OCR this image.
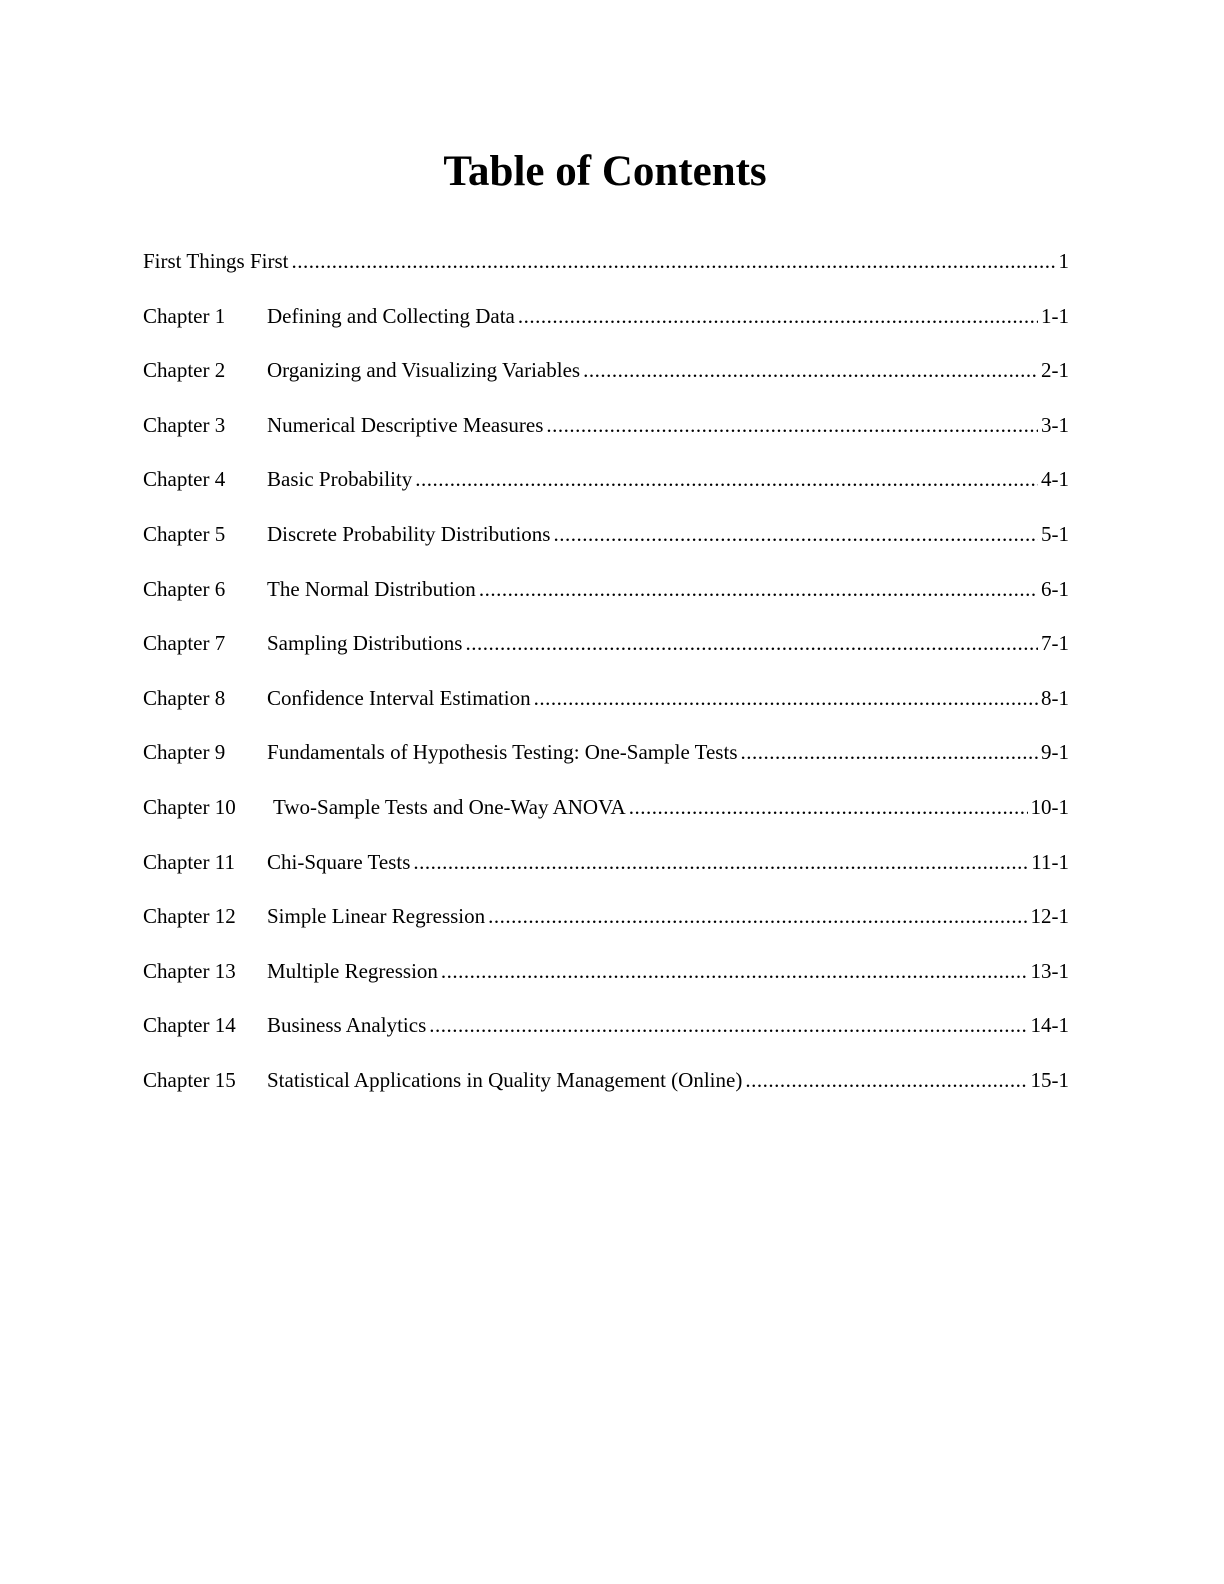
Table of Contents
First Things First .....	1
Chapter 1	Defining and Collecting Data .....	1-1
Chapter 2	Organizing and Visualizing Variables .....	2-1
Chapter 3	Numerical Descriptive Measures .....	3-1
Chapter 4	Basic Probability .....	4-1
Chapter 5	Discrete Probability Distributions .....	5-1
Chapter 6	The Normal Distribution .....	6-1
Chapter 7	Sampling Distributions .....	7-1
Chapter 8	Confidence Interval Estimation .....	8-1
Chapter 9	Fundamentals of Hypothesis Testing: One-Sample Tests .....	9-1
Chapter 10	Two-Sample Tests and One-Way ANOVA .....	10-1
Chapter 11	Chi-Square Tests .....	11-1
Chapter 12	Simple Linear Regression .....	12-1
Chapter 13	Multiple Regression .....	13-1
Chapter 14	Business Analytics .....	14-1
Chapter 15	Statistical Applications in Quality Management (Online) .....	15-1
